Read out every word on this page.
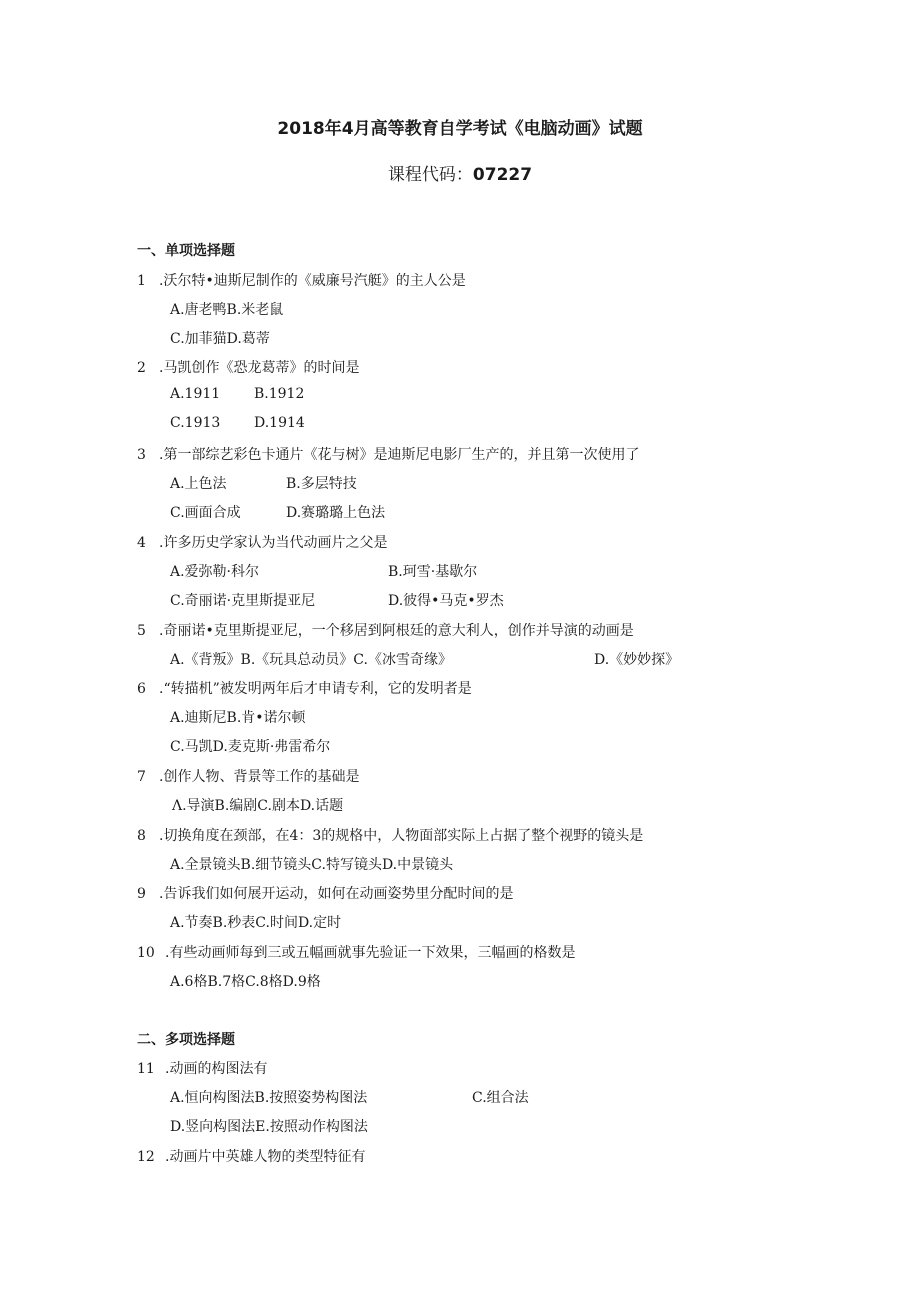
2018年4月高等教育自学考试《电脑动画》试题
课程代码：07227
一、单项选择题
1 .沃尔特•迪斯尼制作的《威廉号汽艇》的主人公是
A.唐老鸭B.米老鼠
C.加菲猫D.葛蒂
2 .马凯创作《恐龙葛蒂》的时间是
A.1911 B.1912
C.1913 D.1914
3 .第一部综艺彩色卡通片《花与树》是迪斯尼电影厂生产的，并且第一次使用了
A.上色法	B.多层特技
C.画面合成	D.赛璐璐上色法
4 .许多历史学家认为当代动画片之父是
A.爱弥勒·科尔	B.珂雪·基歇尔
C.奇丽诺·克里斯提亚尼	D.彼得•马克•罗杰
5 .奇丽诺•克里斯提亚尼，一个移居到阿根廷的意大利人，创作并导演的动画是
A.《背叛》B.《玩具总动员》C.《冰雪奇缘》	D.《妙妙探》
6 .“转描机”被发明两年后才申请专利，它的发明者是
A.迪斯尼B.肯•诺尔顿
C.马凯D.麦克斯·弗雷希尔
7 .创作人物、背景等工作的基础是
Λ.导演B.编剧C.剧本D.话题
8 .切换角度在颈部，在4：3的规格中，人物面部实际上占据了整个视野的镜头是
A.全景镜头B.细节镜头C.特写镜头D.中景镜头
9 .告诉我们如何展开运动，如何在动画姿势里分配时间的是
A.节奏B.秒表C.时间D.定时
10 .有些动画师每到三或五幅画就事先验证一下效果，三幅画的格数是
A.6格B.7格C.8格D.9格
二、多项选择题
11 .动画的构图法有
A.恒向构图法B.按照姿势构图法	C.组合法
D.竖向构图法E.按照动作构图法
12 .动画片中英雄人物的类型特征有
